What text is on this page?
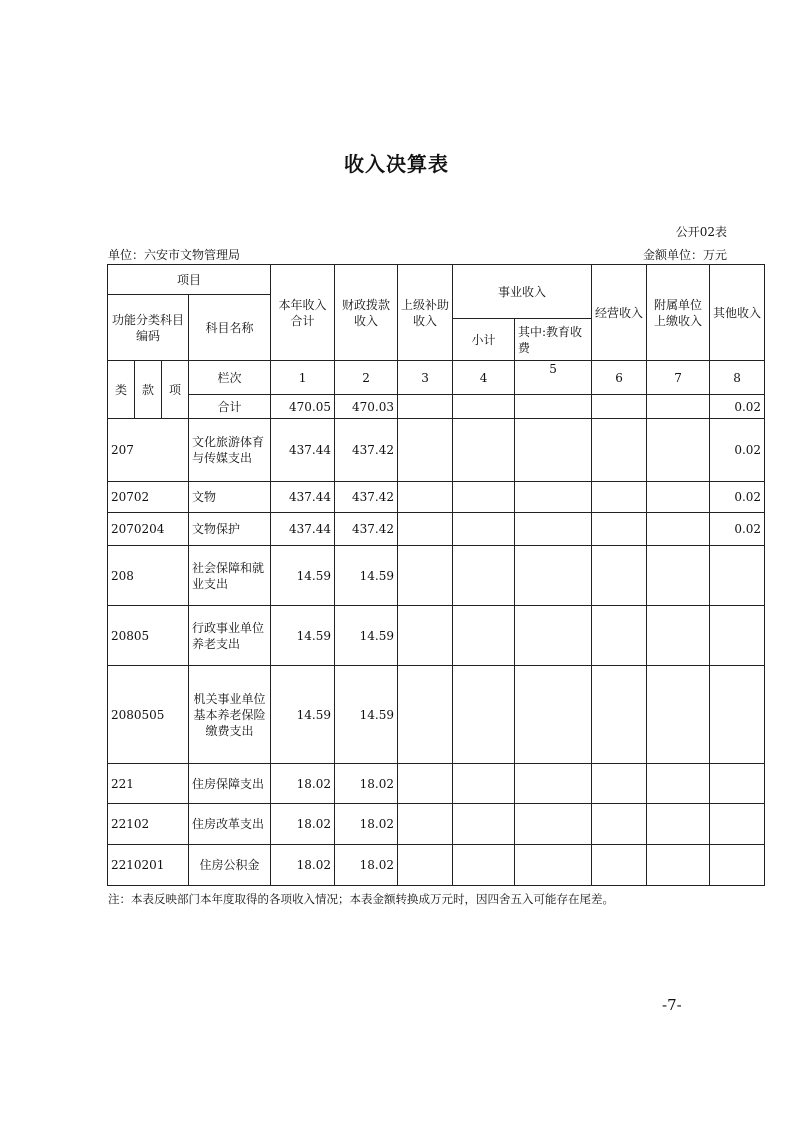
收入决算表
公开02表
单位：六安市文物管理局	金额单位：万元
项目				本年收入合计	财政拨款收入	上级补助收入	事业收入		经营收入	附属单位上缴收入	其他收入
功能分类科目编码			科目名称								
							小计	其中:教育收费			
类	款	项	栏次	1	2	3	4	5	6	7	8
			合计	470.05	470.03						0.02
207			文化旅游体育与传媒支出	437.44	437.42						0.02
20702			文物	437.44	437.42						0.02
2070204			文物保护	437.44	437.42						0.02
208			社会保障和就业支出	14.59	14.59						
20805			行政事业单位养老支出	14.59	14.59						
2080505			机关事业单位基本养老保险缴费支出	14.59	14.59						
221			住房保障支出	18.02	18.02						
22102			住房改革支出	18.02	18.02						
2210201			住房公积金	18.02	18.02						
注：本表反映部门本年度取得的各项收入情况；本表金额转换成万元时，因四舍五入可能存在尾差。
-7-
